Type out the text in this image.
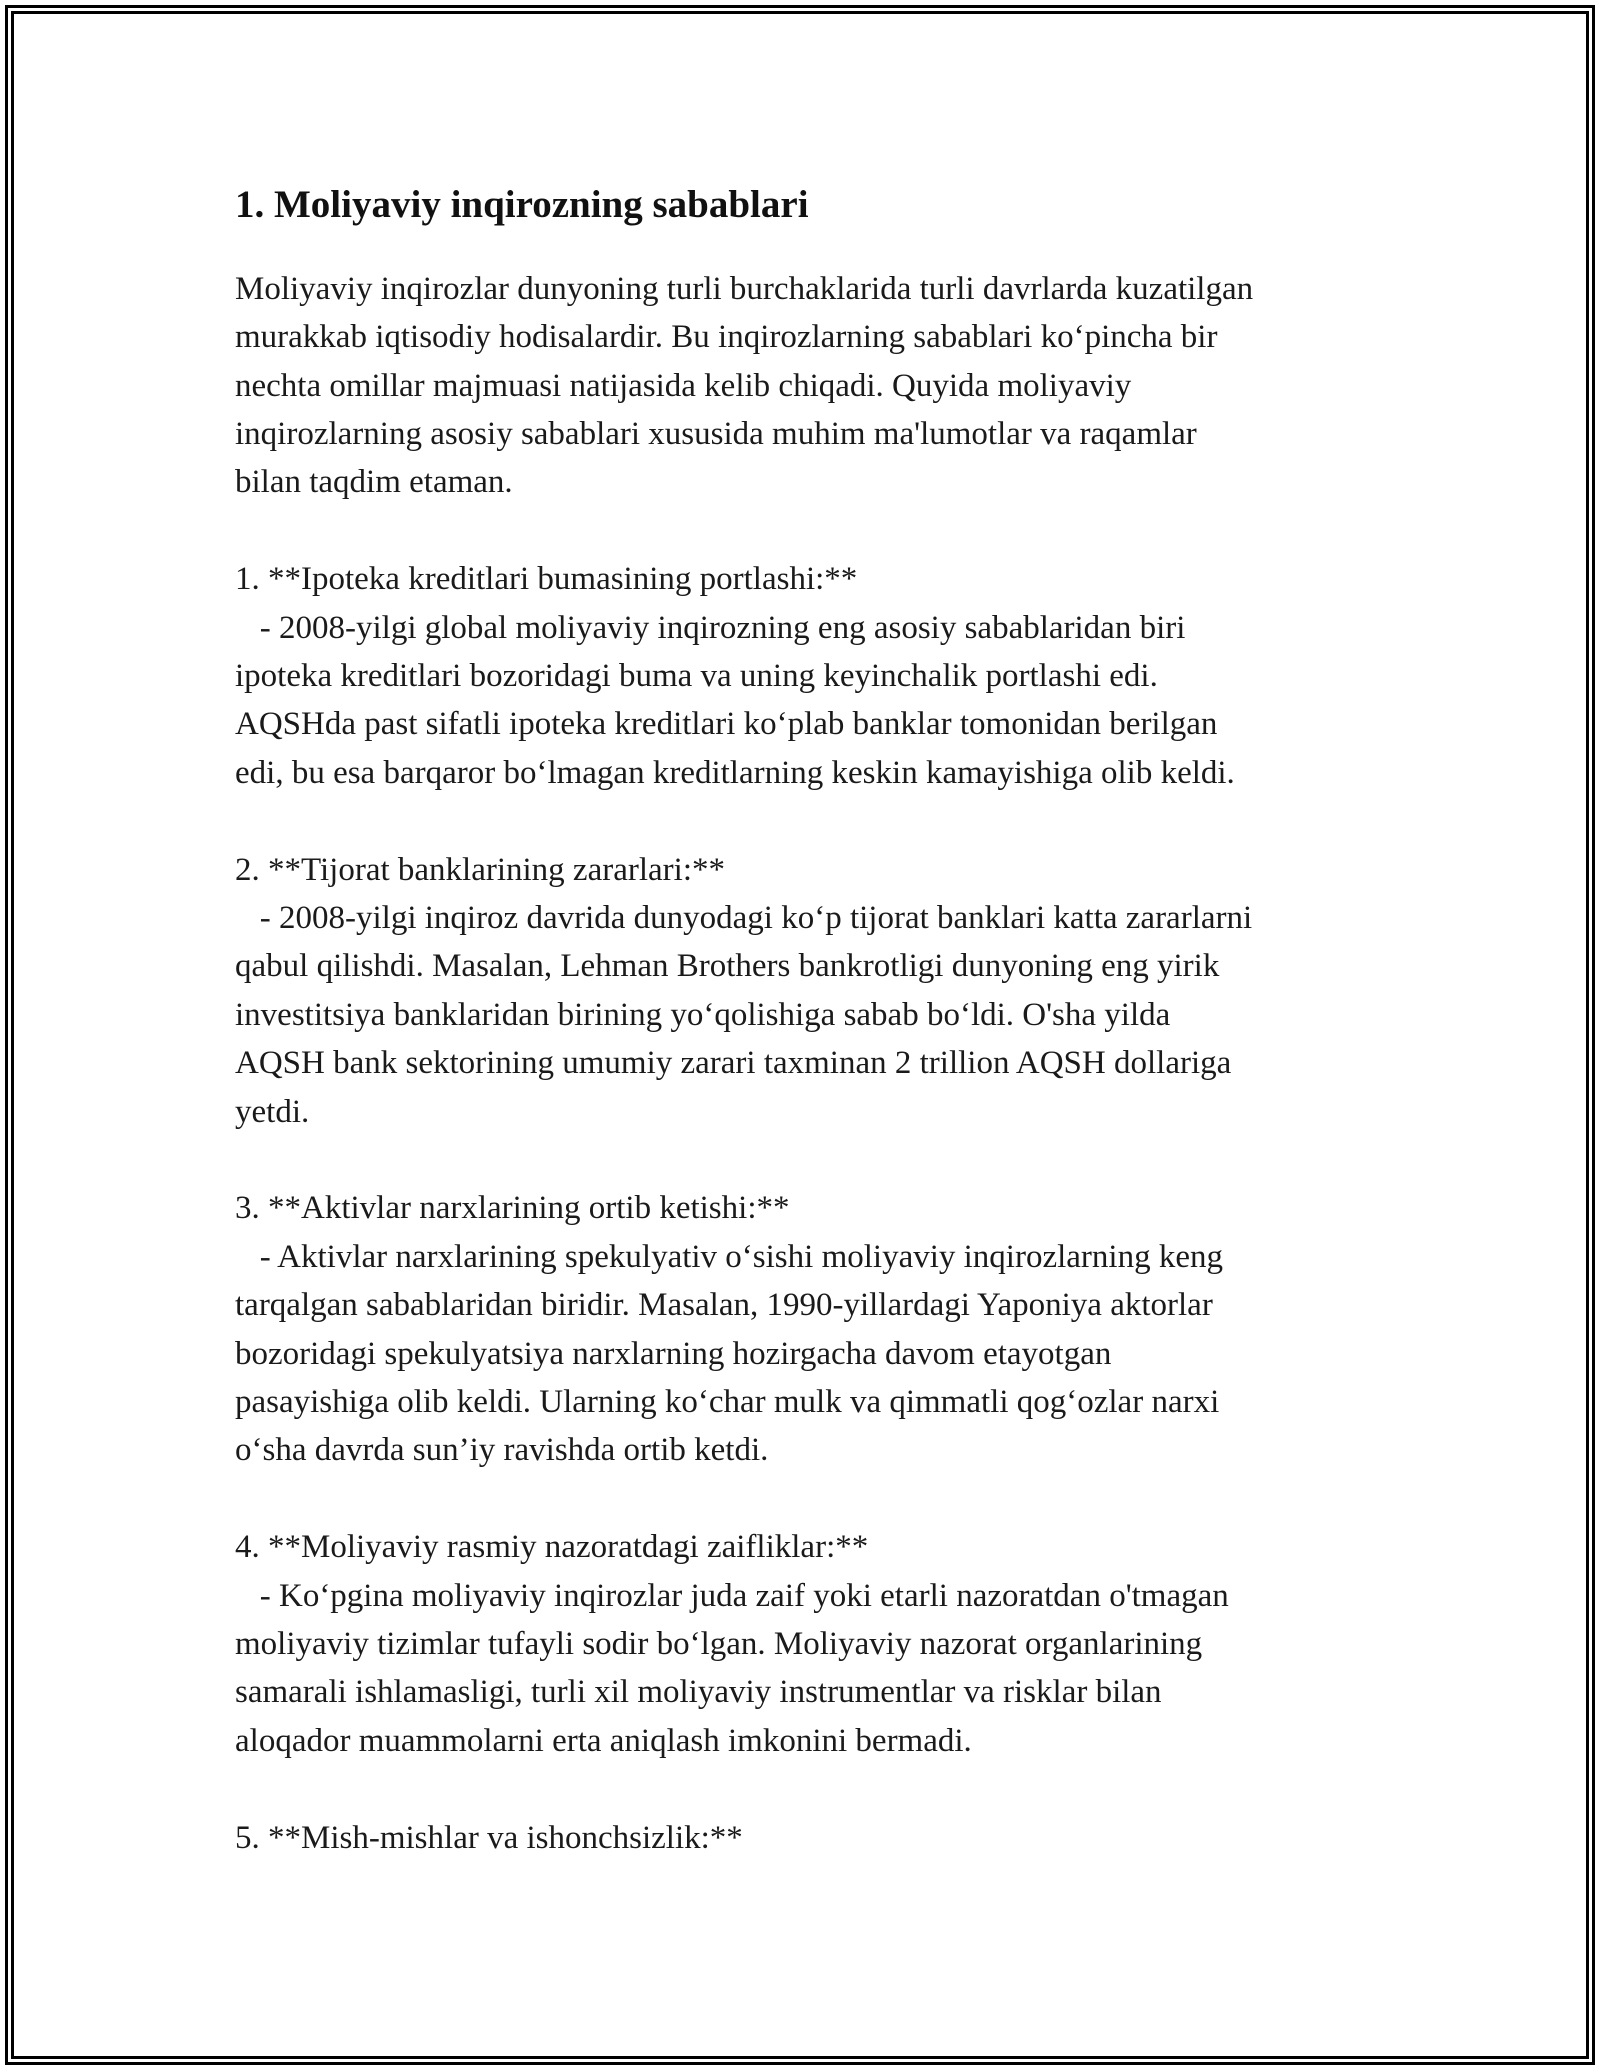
1. Moliyaviy inqirozning sabablari

Moliyaviy inqirozlar dunyoning turli burchaklarida turli davrlarda kuzatilgan
murakkab iqtisodiy hodisalardir. Bu inqirozlarning sabablari ko‘pincha bir
nechta omillar majmuasi natijasida kelib chiqadi. Quyida moliyaviy
inqirozlarning asosiy sabablari xususida muhim ma'lumotlar va raqamlar
bilan taqdim etaman.

1. **Ipoteka kreditlari bumasining portlashi:**

- 2008-yilgi global moliyaviy inqirozning eng asosiy sabablaridan biri
ipoteka kreditlari bozoridagi buma va uning keyinchalik portlashi edi.
AQSHda past sifatli ipoteka kreditlari ko‘plab banklar tomonidan berilgan
edi, bu esa barqaror bo‘lmagan kreditlarning keskin kamayishiga olib keldi.

2. **Tijorat banklarining zararlari:**

- 2008-yilgi inqiroz davrida dunyodagi ko‘p tijorat banklari katta zararlarni
qabul qilishdi. Masalan, Lehman Brothers bankrotligi dunyoning eng yirik
investitsiya banklaridan birining yo‘qolishiga sabab bo‘ldi. O'sha yilda
AQSH bank sektorining umumiy zarari taxminan 2 trillion AQSH dollariga
yetdi.

3. **Aktivlar narxlarining ortib ketishi:**

- Aktivlar narxlarining spekulyativ o‘sishi moliyaviy inqirozlarning keng
tarqalgan sabablaridan biridir. Masalan, 1990-yillardagi Yaponiya aktorlar
bozoridagi spekulyatsiya narxlarning hozirgacha davom etayotgan
pasayishiga olib keldi. Ularning ko‘char mulk va qimmatli qog‘ozlar narxi
o‘sha davrda sun’iy ravishda ortib ketdi.

4. **Moliyaviy rasmiy nazoratdagi zaifliklar:**

- Ko‘pgina moliyaviy inqirozlar juda zaif yoki etarli nazoratdan o'tmagan
moliyaviy tizimlar tufayli sodir bo‘lgan. Moliyaviy nazorat organlarining
samarali ishlamasligi, turli xil moliyaviy instrumentlar va risklar bilan
aloqador muammolarni erta aniqlash imkonini bermadi.

5. **Mish-mishlar va ishonchsizlik:**
